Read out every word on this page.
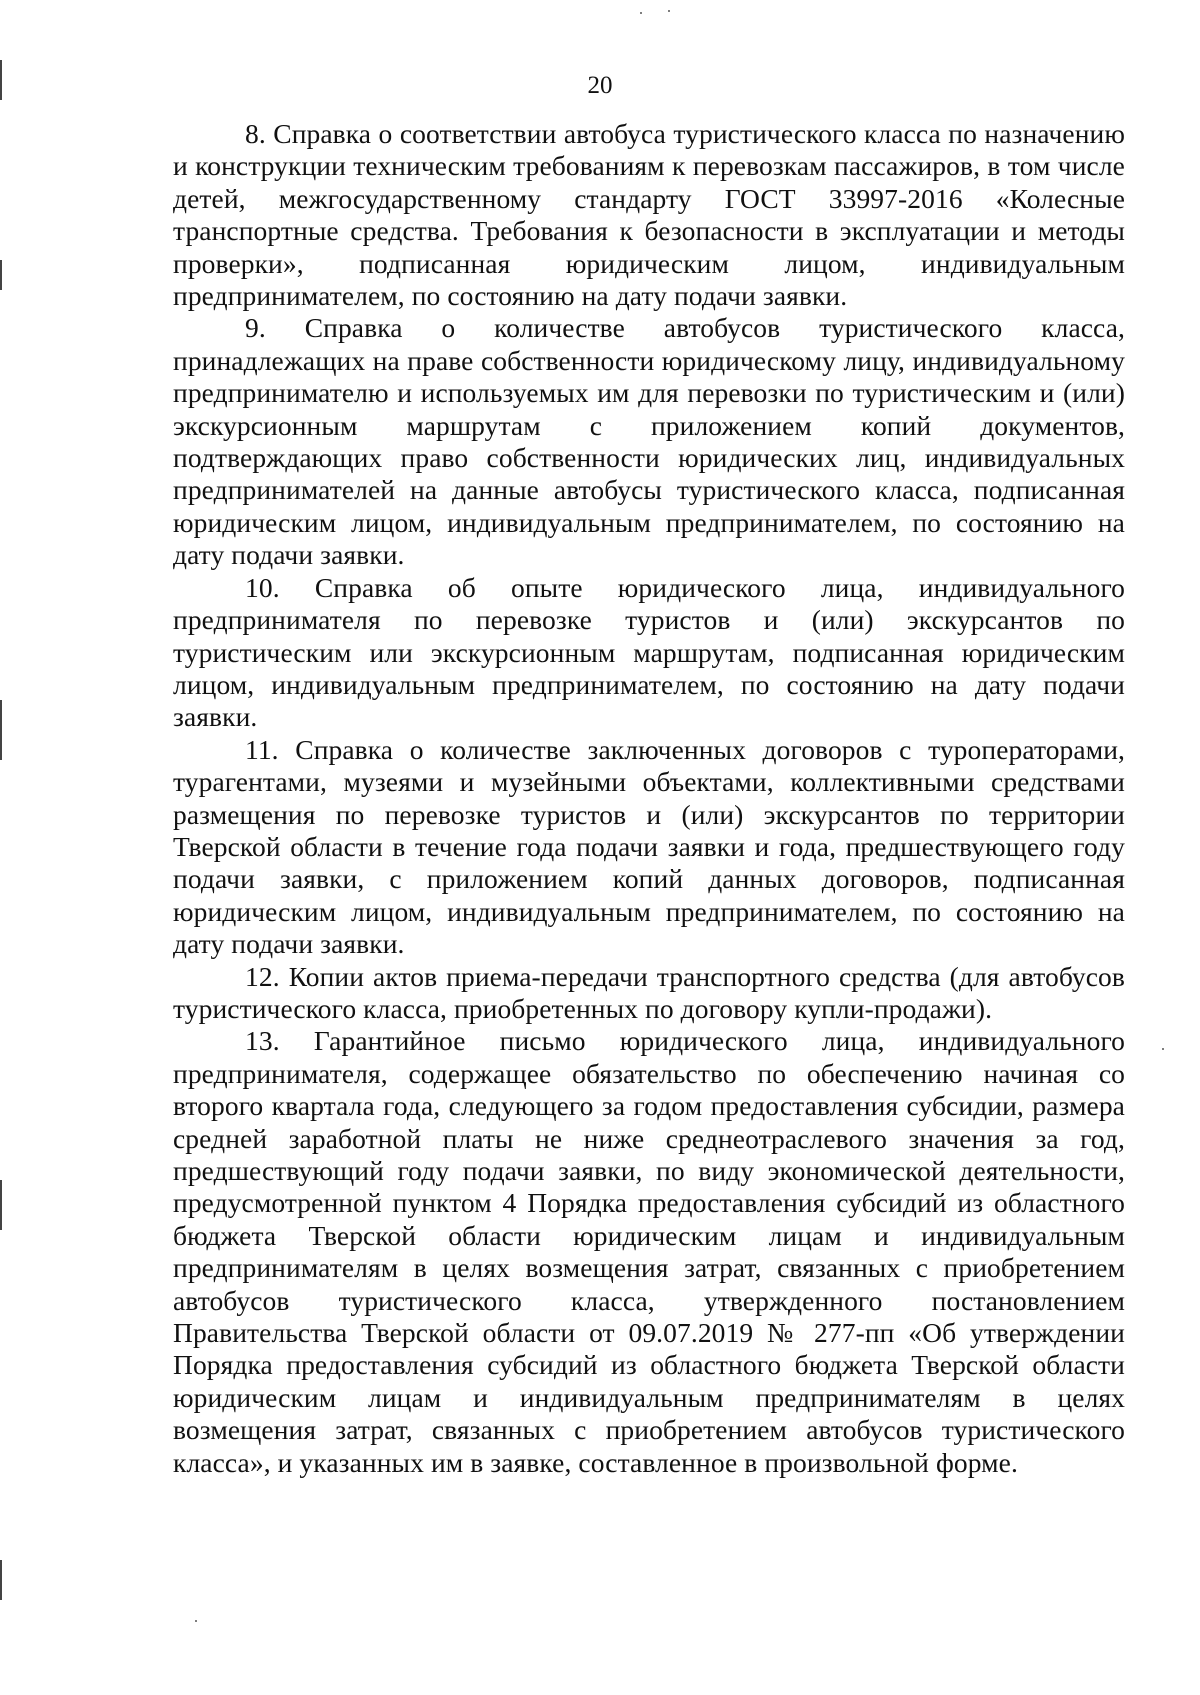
20

8. Справка о соответствии автобуса туристического класса по назначению и конструкции техническим требованиям к перевозкам пассажиров, в том числе детей, межгосударственному стандарту ГОСТ 33997-2016 «Колесные транспортные средства. Требования к безопасности в эксплуатации и методы проверки», подписанная юридическим лицом, индивидуальным предпринимателем, по состоянию на дату подачи заявки.

9. Справка о количестве автобусов туристического класса, принадлежащих на праве собственности юридическому лицу, индивидуальному предпринимателю и используемых им для перевозки по туристическим и (или) экскурсионным маршрутам с приложением копий документов, подтверждающих право собственности юридических лиц, индивидуальных предпринимателей на данные автобусы туристического класса, подписанная юридическим лицом, индивидуальным предпринимателем, по состоянию на дату подачи заявки.

10. Справка об опыте юридического лица, индивидуального предпринимателя по перевозке туристов и (или) экскурсантов по туристическим или экскурсионным маршрутам, подписанная юридическим лицом, индивидуальным предпринимателем, по состоянию на дату подачи заявки.

11. Справка о количестве заключенных договоров с туроператорами, турагентами, музеями и музейными объектами, коллективными средствами размещения по перевозке туристов и (или) экскурсантов по территории Тверской области в течение года подачи заявки и года, предшествующего году подачи заявки, с приложением копий данных договоров, подписанная юридическим лицом, индивидуальным предпринимателем, по состоянию на дату подачи заявки.

12. Копии актов приема-передачи транспортного средства (для автобусов туристического класса, приобретенных по договору купли-продажи).

13. Гарантийное письмо юридического лица, индивидуального предпринимателя, содержащее обязательство по обеспечению начиная со второго квартала года, следующего за годом предоставления субсидии, размера средней заработной платы не ниже среднеотраслевого значения за год, предшествующий году подачи заявки, по виду экономической деятельности, предусмотренной пунктом 4 Порядка предоставления субсидий из областного бюджета Тверской области юридическим лицам и индивидуальным предпринимателям в целях возмещения затрат, связанных с приобретением автобусов туристического класса, утвержденного постановлением Правительства Тверской области от 09.07.2019 № 277-пп «Об утверждении Порядка предоставления субсидий из областного бюджета Тверской области юридическим лицам и индивидуальным предпринимателям в целях возмещения затрат, связанных с приобретением автобусов туристического класса», и указанных им в заявке, составленное в произвольной форме.
